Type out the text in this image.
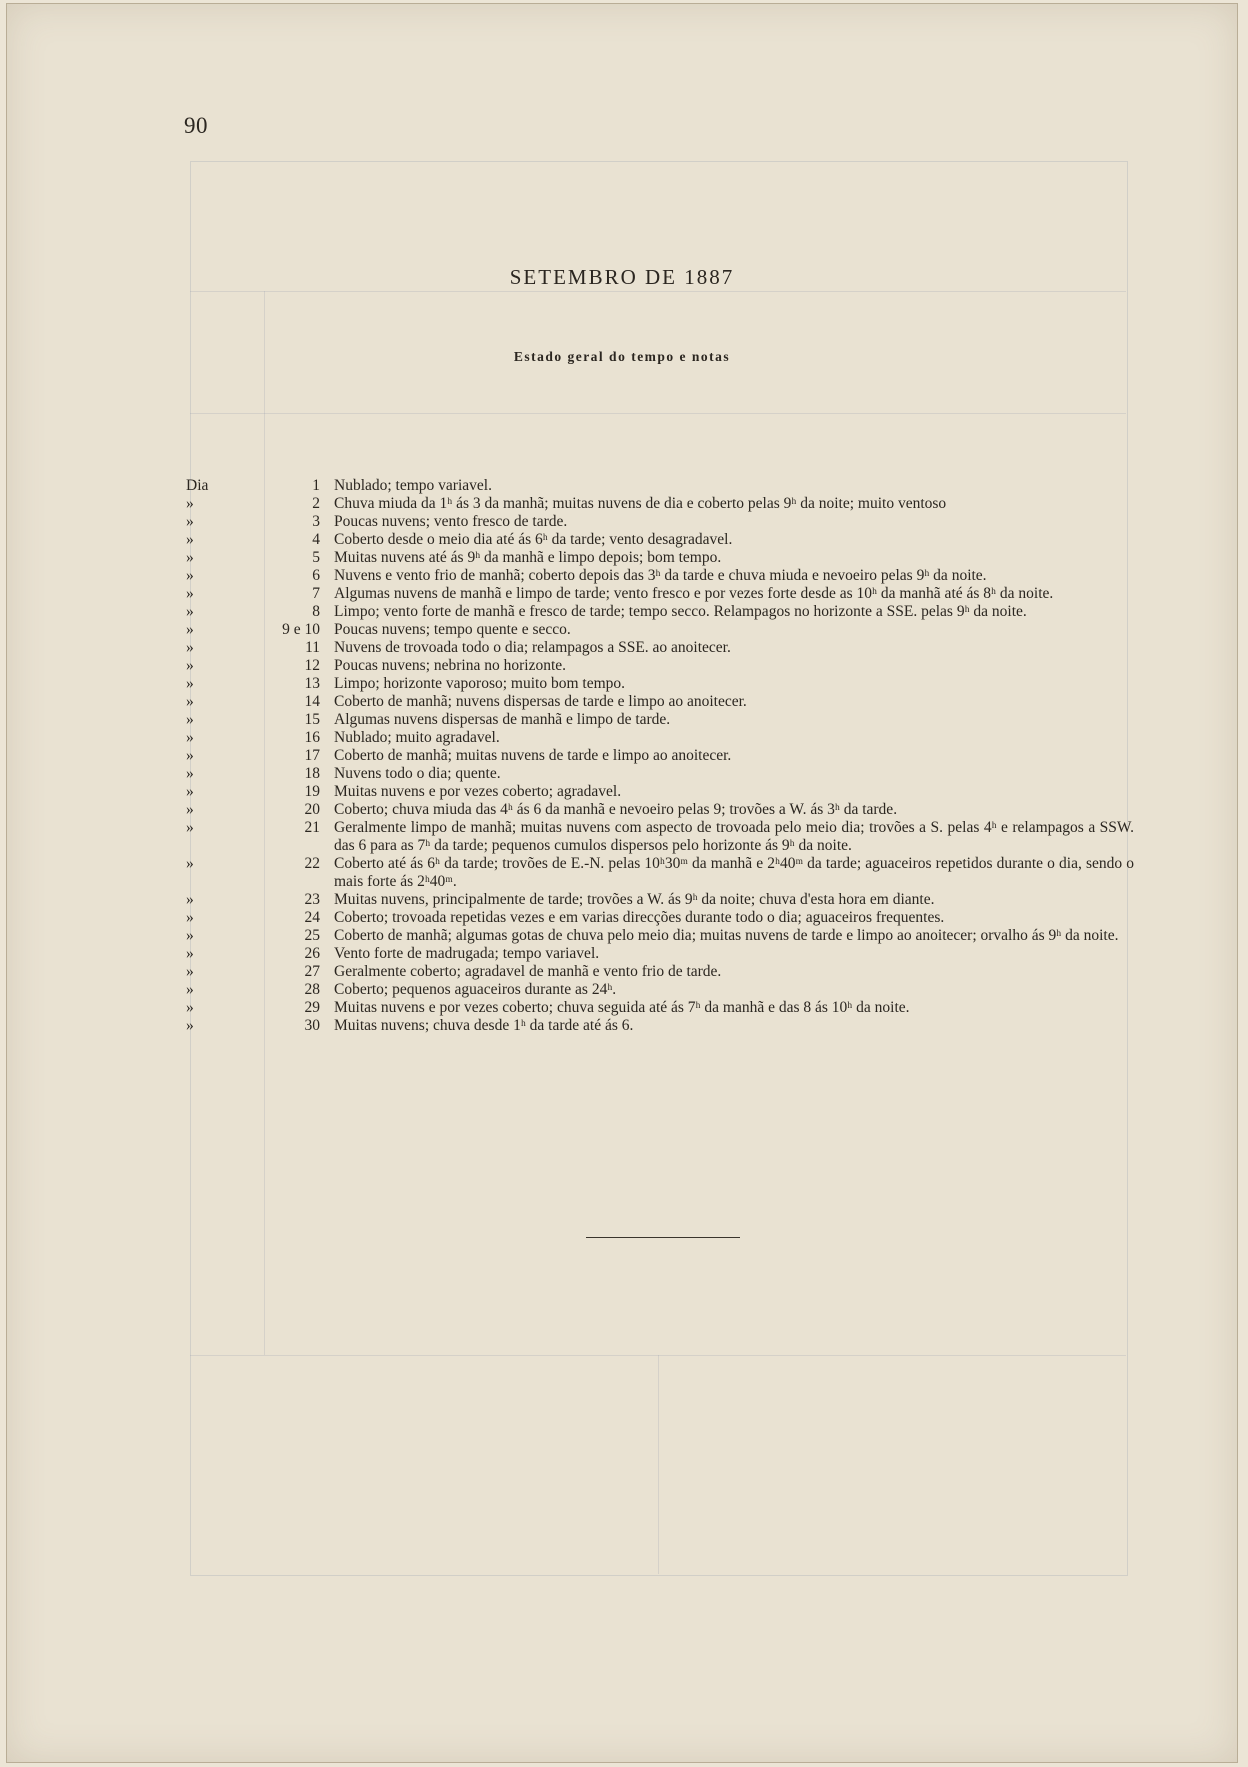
90
SETEMBRO DE 1887
Estado geral do tempo e notas
Dia	1 Nublado; tempo variavel.
»	2 Chuva miuda da 1ʰ ás 3 da manhã; muitas nuvens de dia e coberto pelas 9ʰ da noite; muito ventoso
»	3 Poucas nuvens; vento fresco de tarde.
»	4 Coberto desde o meio dia até ás 6ʰ da tarde; vento desagradavel.
»	5 Muitas nuvens até ás 9ʰ da manhã e limpo depois; bom tempo.
»	6 Nuvens e vento frio de manhã; coberto depois das 3ʰ da tarde e chuva miuda e nevoeiro pelas 9ʰ da noite.
»	7 Algumas nuvens de manhã e limpo de tarde; vento fresco e por vezes forte desde as 10ʰ da manhã até ás 8ʰ da noite.
»	8 Limpo; vento forte de manhã e fresco de tarde; tempo secco. Relampagos no horizonte a SSE. pelas 9ʰ da noite.
»	9 e 10 Poucas nuvens; tempo quente e secco.
»	11 Nuvens de trovoada todo o dia; relampagos a SSE. ao anoitecer.
»	12 Poucas nuvens; nebrina no horizonte.
»	13 Limpo; horizonte vaporoso; muito bom tempo.
»	14 Coberto de manhã; nuvens dispersas de tarde e limpo ao anoitecer.
»	15 Algumas nuvens dispersas de manhã e limpo de tarde.
»	16 Nublado; muito agradavel.
»	17 Coberto de manhã; muitas nuvens de tarde e limpo ao anoitecer.
»	18 Nuvens todo o dia; quente.
»	19 Muitas nuvens e por vezes coberto; agradavel.
»	20 Coberto; chuva miuda das 4ʰ ás 6 da manhã e nevoeiro pelas 9; trovões a W. ás 3ʰ da tarde.
»	21 Geralmente limpo de manhã; muitas nuvens com aspecto de trovoada pelo meio dia; trovões a S. pelas 4ʰ e relampagos a SSW. das 6 para as 7ʰ da tarde; pequenos cumulos dispersos pelo horizonte ás 9ʰ da noite.
»	22 Coberto até ás 6ʰ da tarde; trovões de E.-N. pelas 10ʰ30ᵐ da manhã e 2ʰ40ᵐ da tarde; aguaceiros repetidos durante o dia, sendo o mais forte ás 2ʰ40ᵐ.
»	23 Muitas nuvens, principalmente de tarde; trovões a W. ás 9ʰ da noite; chuva d'esta hora em diante.
»	24 Coberto; trovoada repetidas vezes e em varias direcções durante todo o dia; aguaceiros frequentes.
»	25 Coberto de manhã; algumas gotas de chuva pelo meio dia; muitas nuvens de tarde e limpo ao anoitecer; orvalho ás 9ʰ da noite.
»	26 Vento forte de madrugada; tempo variavel.
»	27 Geralmente coberto; agradavel de manhã e vento frio de tarde.
»	28 Coberto; pequenos aguaceiros durante as 24ʰ.
»	29 Muitas nuvens e por vezes coberto; chuva seguida até ás 7ʰ da manhã e das 8 ás 10ʰ da noite.
»	30 Muitas nuvens; chuva desde 1ʰ da tarde até ás 6.
